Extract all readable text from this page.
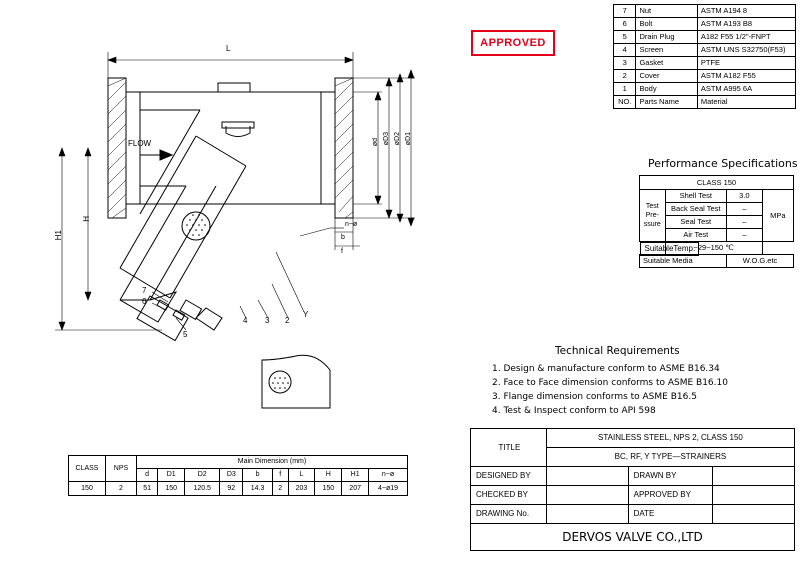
L
FLOW
H
H1
ød øD3 øD2 øD1
b
f
n−ø
7
6
5
4 3 2
Y
APPROVED
7	Nut	ASTM A194 8
6	Bolt	ASTM A193 B8
5	Drain Plug	A182 F55 1/2"-FNPT
4	Screen	ASTM UNS S32750(F53)
3	Gasket	PTFE
2	Cover	ASTM A182 F55
1	Body	ASTM A995 6A
NO.	Parts Name	Material
Performance Specifications
CLASS 150			

Test
Pre-
ssure	Shell Test	3.0	MPa
	Back Seal Test	–	
	Seal Test	–	
	Air Test	–	

SuitableTemp.
−29~150 ℃		
Suitable Media		W.O.G.etc	
Technical Requirements
1. Design & manufacture conform to ASME B16.34
2. Face to Face dimension conforms to ASME B16.10
3. Flange dimension conforms to ASME B16.5
4. Test & Inspect conform to API 598
TITLE	STAINLESS STEEL, NPS 2, CLASS 150		
	BC, RF, Y TYPE—STRAINERS		
DESIGNED BY		DRAWN BY	
CHECKED BY		APPROVED BY	
DRAWING No.		DATE	
DERVOS VALVE CO.,LTD			
CLASS	NPS	Main Dimension (mm)									
		d	D1	D2	D3	b	f	L	H	H1	n−ø
150	2	51	150	120.5	92	14.3	2	203	150	207	4−ø19
